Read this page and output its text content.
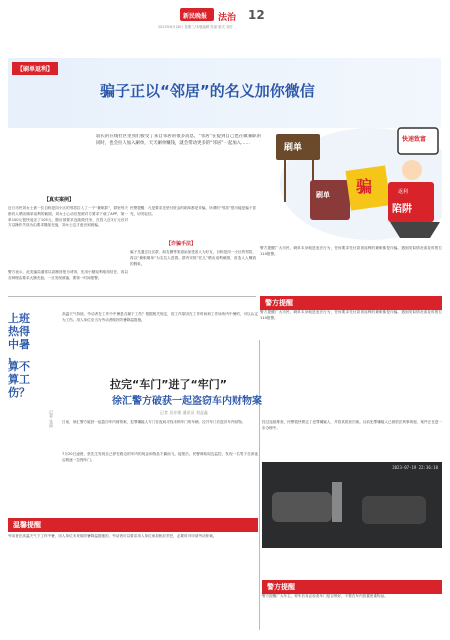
新民晚报 法治 12
2023年6月28日 星期三/本版编辑 张丽 版式 刘红
【刷单返利】
骗子正以“邻居”的名义加你微信
较长的在线社区里我们接受了来自邻居的很多消息，“邻居”在提到自己也在做兼职的同时，也会拉人加入刷单，天天刷单赚钱，就会带动更多的“邻居”一起加入……	刷单
刷单 骗
快速致富
返利
陷阱
【真实案例】
近日市民刘女士被一位自称是同小区的邻居拉入了一个“兼职群”，群里每天都有人晒出刷单返利的截图，刘女士心动后按照对方要求下载了APP，第一单100元很快返还了105元，随后被要求连续做任务，在投入近3万元后对方以操作失误为由要求继续充值，刘女士这才意识到被骗。
民警提醒：凡是要求先垫付资金的刷单都是诈骗，所谓的“邻居”很可能是骗子冒充，切勿轻信。
警方表示，此类骗局通常以高额回报为诱饵，先用小额返利取得信任，再以各种理由要求大额充值。一旦发现被骗，要第一时间报警。
【诈骗手法】
骗子先通过社区群、朋友圈等渠道添加受害人为好友，自称是同一小区的邻居，再以“兼职刷单”为名拉人进群。群内安排“托儿”晒出返利截图，营造人人赚钱的假象。
警方提醒广大市民，刷单本身就是违法行为，任何要求先付款再返利的兼职都是诈骗。遇到类似情况请及时拨打110报警。
警方提醒
警方提醒广大市民，刷单本身就是违法行为，任何要求先付款再返利的兼职都是诈骗。遇到类似情况请及时拨打110报警。
上班
热得
中暑
，
算不
算工
伤？
记者 张丽
高温天气持续，劳动者在工作中中暑是否属于工伤？根据相关规定，因工作原因在工作时间和工作场所内中暑的，可以认定为工伤。用人单位应当为劳动者做好防暑降温措施。
温馨提醒
劳动者在高温天气下工作中暑，用人单位未采取防暑降温措施的，劳动者可以要求用人单位承担相应责任，必要时可申请劳动仲裁。
拉完“车门”进了“牢门”
徐汇警方破获一起盗窃车内财物案
记者 吴亦维 通讯员 刘益鑫
日前，徐汇警方破获一起盗窃车内财物案，犯罪嫌疑人专门在夜间寻找未锁车门的车辆，拉开车门后盗窃车内财物。
7月20日凌晨，张先生发现自己停在路边的车内的现金和物品不翼而飞。接报后，民警调取周边监控，发现一名男子在深夜沿路逐一拉拽车门。
经过连续排查，民警很快锁定了犯罪嫌疑人，并将其抓获归案。目前犯罪嫌疑人已被依法刑事拘留，案件正在进一步办理中。
2023-07-19 22:36:10
警方提醒
警方提醒广大车主，停车后务必检查车门是否锁好，不要在车内放置贵重物品。
